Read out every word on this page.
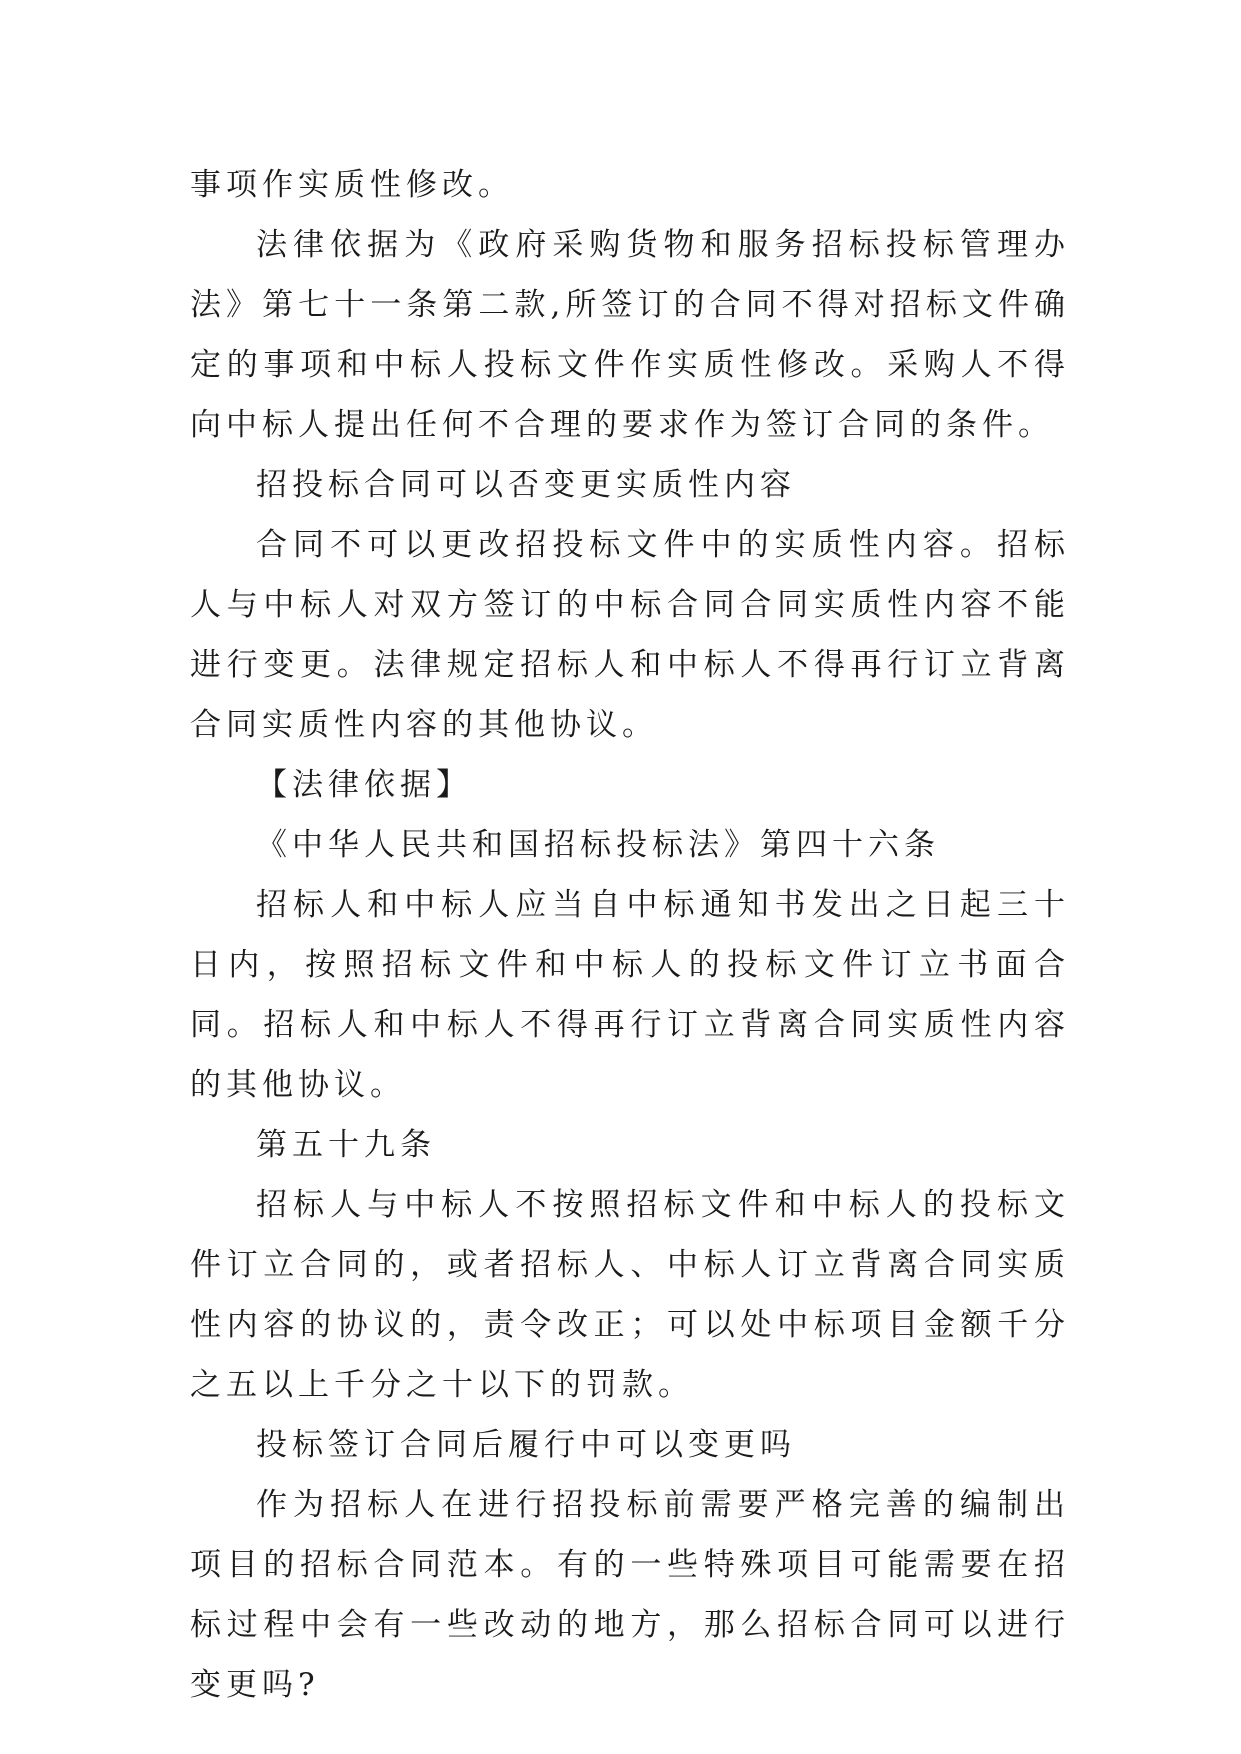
事项作实质性修改。

法律依据为《政府采购货物和服务招标投标管理办法》第七十一条第二款,所签订的合同不得对招标文件确定的事项和中标人投标文件作实质性修改。采购人不得向中标人提出任何不合理的要求作为签订合同的条件。

招投标合同可以否变更实质性内容

合同不可以更改招投标文件中的实质性内容。招标人与中标人对双方签订的中标合同合同实质性内容不能进行变更。法律规定招标人和中标人不得再行订立背离合同实质性内容的其他协议。

【法律依据】

《中华人民共和国招标投标法》第四十六条

招标人和中标人应当自中标通知书发出之日起三十日内，按照招标文件和中标人的投标文件订立书面合同。招标人和中标人不得再行订立背离合同实质性内容的其他协议。

第五十九条

招标人与中标人不按照招标文件和中标人的投标文件订立合同的，或者招标人、中标人订立背离合同实质性内容的协议的，责令改正；可以处中标项目金额千分之五以上千分之十以下的罚款。

投标签订合同后履行中可以变更吗

作为招标人在进行招投标前需要严格完善的编制出项目的招标合同范本。有的一些特殊项目可能需要在招标过程中会有一些改动的地方，那么招标合同可以进行变更吗?
